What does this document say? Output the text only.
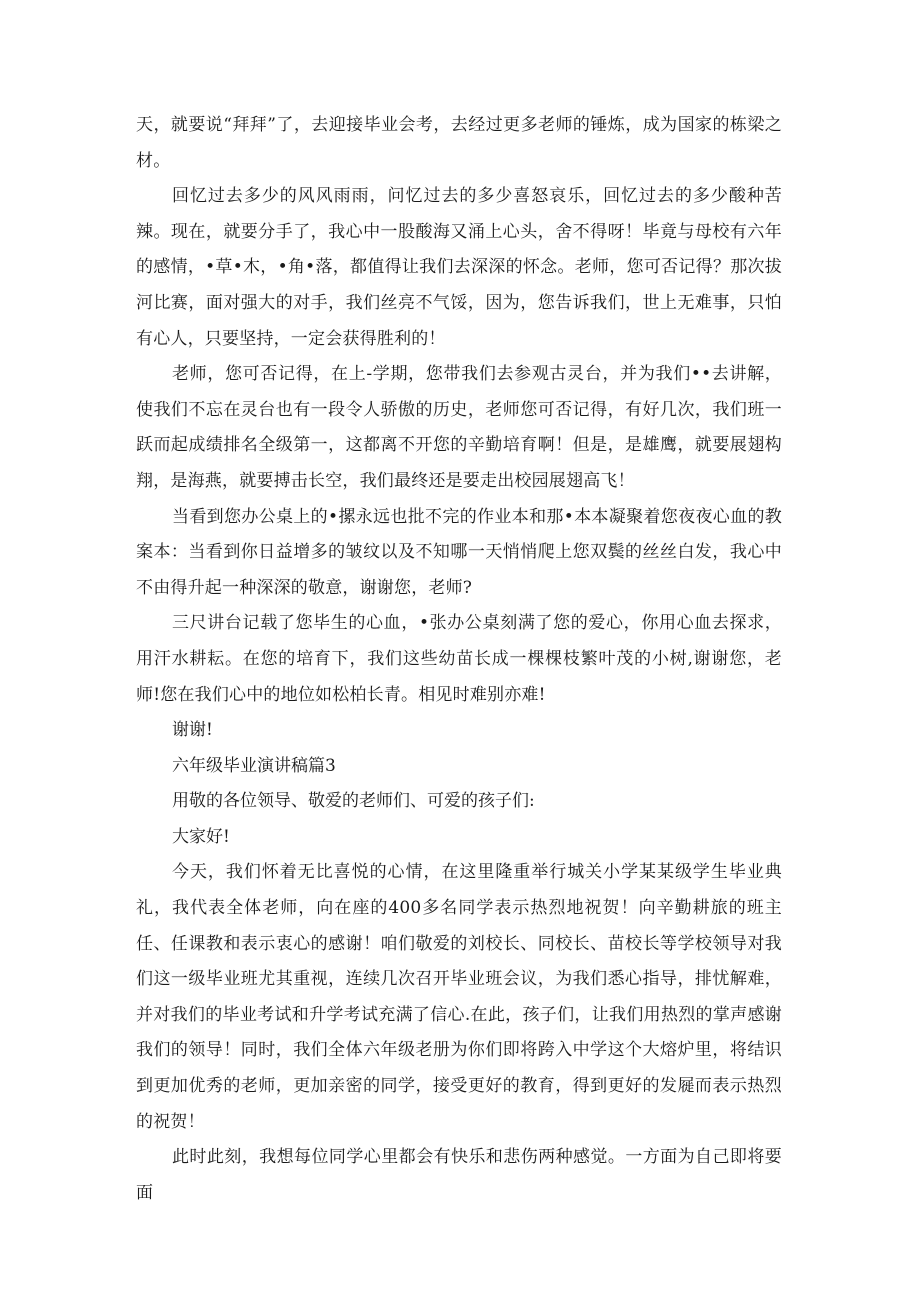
天，就要说“拜拜”了，去迎接毕业会考，去经过更多老师的锤炼，成为国家的栋梁之材。

回忆过去多少的风风雨雨，问忆过去的多少喜怒哀乐，回忆过去的多少酸种苦辣。现在，就要分手了，我心中一股酸海又涌上心头，舍不得呀！毕竟与母校有六年的感情，•草•木，•角•落，都值得让我们去深深的怀念。老师，您可否记得？那次拔河比赛，面对强大的对手，我们丝亮不气馁，因为，您告诉我们，世上无难事，只怕有心人，只要坚持，一定会获得胜利的！

老师，您可否记得，在上-学期，您带我们去参观古灵台，并为我们••去讲解，使我们不忘在灵台也有一段令人骄傲的历史，老师您可否记得，有好几次，我们班一跃而起成绩排名全级第一，这都离不开您的辛勤培育啊！但是，是雄鹰，就要展翅构翔，是海燕，就要搏击长空，我们最终还是要走出校园展翅高飞！

当看到您办公桌上的•摞永远也批不完的作业本和那•本本凝聚着您夜夜心血的教案本：当看到你日益增多的皱纹以及不知哪一天悄悄爬上您双鬓的丝丝白发，我心中不由得升起一种深深的敬意，谢谢您，老师?

三尺讲台记载了您毕生的心血，•张办公桌刻满了您的爱心，你用心血去探求，用汗水耕耘。在您的培育下，我们这些幼苗长成一棵棵枝繁叶茂的小树,谢谢您，老师!您在我们心中的地位如松柏长青。相见时难别亦难!

谢谢!

六年级毕业演讲稿篇3

用敬的各位领导、敬爱的老师们、可爱的孩子们:

大家好!

今天，我们怀着无比喜悦的心情，在这里隆重举行城关小学某某级学生毕业典礼，我代表全体老师，向在座的400多名同学表示热烈地祝贺！向辛勤耕旅的班主任、任课教和表示衷心的感谢！咱们敬爱的刘校长、同校长、苗校长等学校领导对我们这一级毕业班尤其重视，连续几次召开毕业班会议，为我们悉心指导，排忧解难，并对我们的毕业考试和升学考试充满了信心.在此，孩子们，让我们用热烈的掌声感谢我们的领导！同时，我们全体六年级老册为你们即将跨入中学这个大熔炉里，将结识到更加优秀的老师，更加亲密的同学，接受更好的教育，得到更好的发屣而表示热烈的祝贺！

此时此刻，我想每位同学心里都会有快乐和悲伤两种感觉。一方面为自己即将要面
